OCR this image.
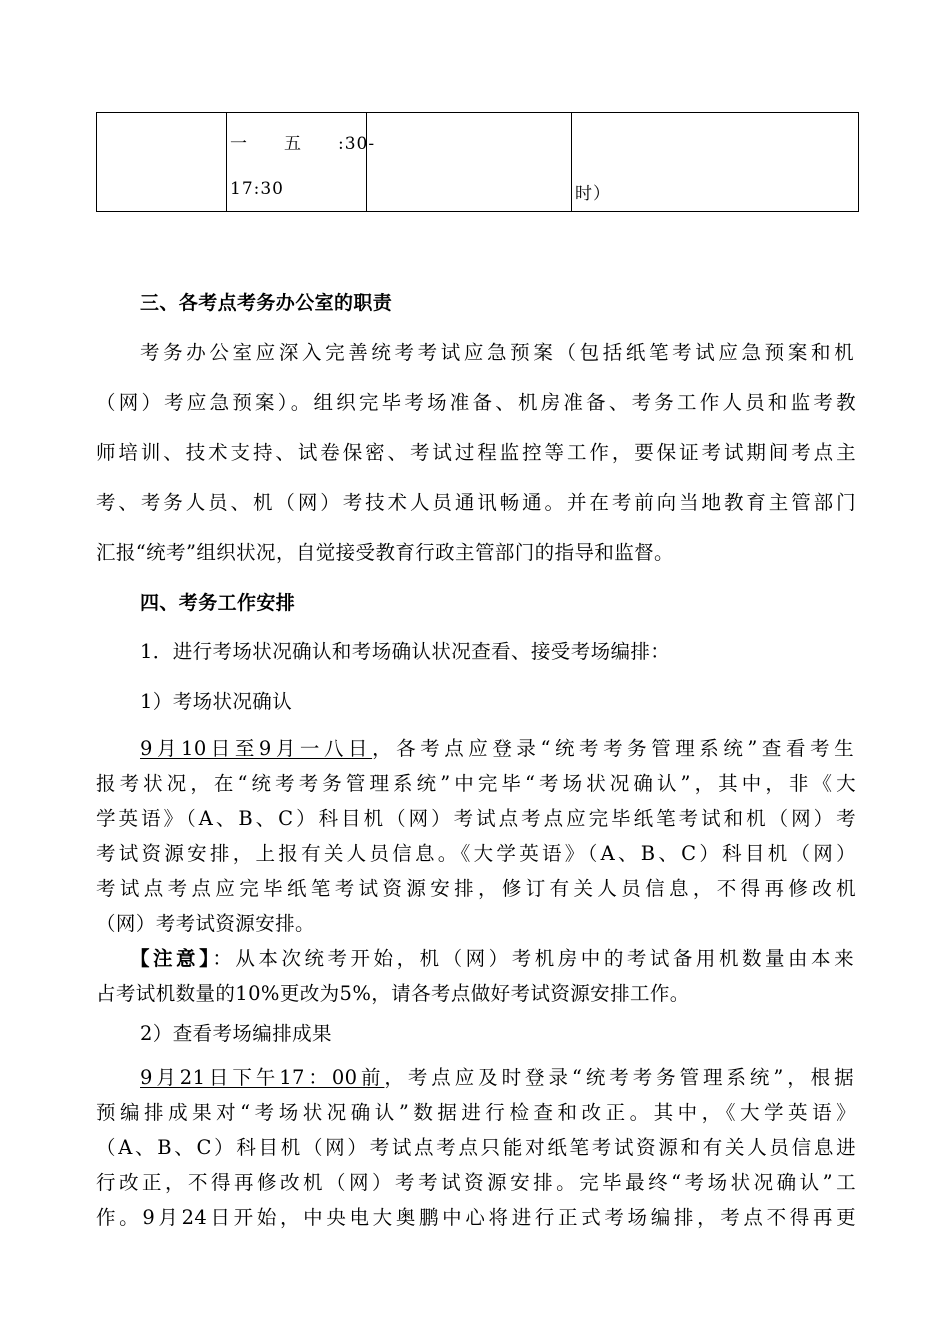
一　　五　　:30-
17:30		时）
三、各考点考务办公室的职责
考务办公室应深入完善统考考试应急预案（包括纸笔考试应急预案和机
（网）考应急预案）。组织完毕考场准备、机房准备、考务工作人员和监考教
师培训、技术支持、试卷保密、考试过程监控等工作，要保证考试期间考点主
考、考务人员、机（网）考技术人员通讯畅通。并在考前向当地教育主管部门
汇报“统考”组织状况，自觉接受教育行政主管部门的指导和监督。
四、考务工作安排
1．进行考场状况确认和考场确认状况查看、接受考场编排：
1）考场状况确认
9月10日至9月一八日，各考点应登录“统考考务管理系统”查看考生
报考状况，在“统考考务管理系统”中完毕“考场状况确认”，其中，非《大
学英语》（A、B、C）科目机（网）考试点考点应完毕纸笔考试和机（网）考
考试资源安排，上报有关人员信息。《大学英语》（A、B、C）科目机（网）
考试点考点应完毕纸笔考试资源安排，修订有关人员信息，不得再修改机
（网）考考试资源安排。
【注意】：从本次统考开始，机（网）考机房中的考试备用机数量由本来
占考试机数量的10%更改为5%，请各考点做好考试资源安排工作。
2）查看考场编排成果
9月21日下午17：00前，考点应及时登录“统考考务管理系统”，根据
预编排成果对“考场状况确认”数据进行检查和改正。其中，《大学英语》
（A、B、C）科目机（网）考试点考点只能对纸笔考试资源和有关人员信息进
行改正，不得再修改机（网）考考试资源安排。完毕最终“考场状况确认”工
作。9月24日开始，中央电大奥鹏中心将进行正式考场编排，考点不得再更
